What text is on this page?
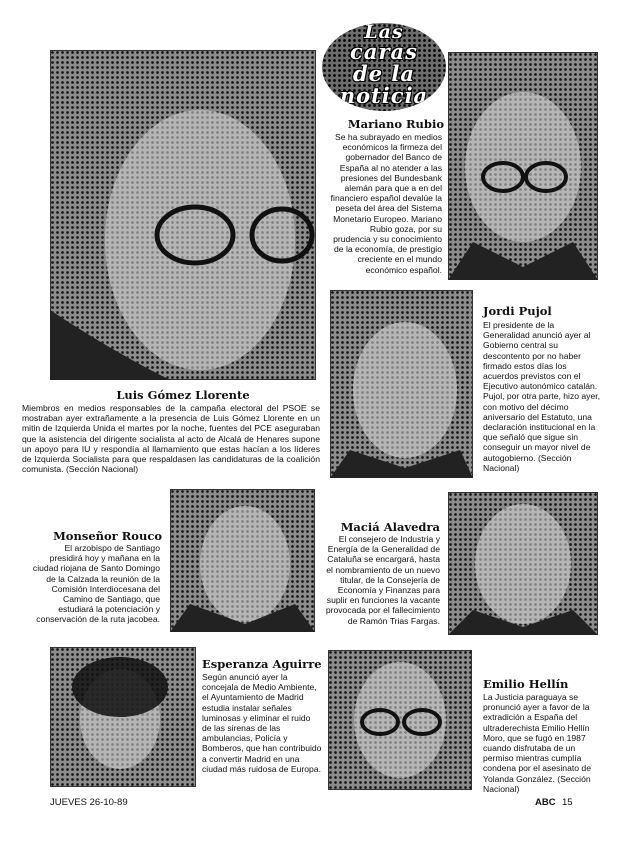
Las
caras
de la
noticia
Luis Gómez Llorente
Miembros en medios responsables de la campaña electoral del PSOE se mostraban ayer extrañamente a la presencia de Luis Gómez Llorente en un mitin de Izquierda Unida el martes por la noche, fuentes del PCE aseguraban que la asistencia del dirigente socialista al acto de Alcalá de Henares supone un apoyo para IU y respondía al llamamiento que estas hacían a los líderes de Izquierda Socialista para que respaldasen las candidaturas de la coalición comunista. (Sección Nacional)
Mariano Rubio
Se ha subrayado en medios económicos la firmeza del gobernador del Banco de España al no atender a las presiones del Bundesbank alemán para que a en del financiero español devalúe la peseta del área del Sistema Monetario Europeo. Mariano Rubio goza, por su prudencia y su conocimiento de la economía, de prestigio creciente en el mundo económico español.
Jordi Pujol
El presidente de la Generalidad anunció ayer al Gobierno central su descontento por no haber firmado estos días los acuerdos previstos con el Ejecutivo autonómico catalán. Pujol, por otra parte, hizo ayer, con motivo del décimo aniversario del Estatuto, una declaración institucional en la que señaló que sigue sin conseguir un mayor nivel de autogobierno. (Sección Nacional)
Monseñor Rouco
El arzobispo de Santiago presidirá hoy y mañana en la ciudad riojana de Santo Domingo de la Calzada la reunión de la Comisión Interdiocesana del Camino de Santiago, que estudiará la potenciación y conservación de la ruta jacobea.
Maciá Alavedra
El consejero de Industria y Energía de la Generalidad de Cataluña se encargará, hasta el nombramiento de un nuevo titular, de la Consejería de Economía y Finanzas para suplir en funciones la vacante provocada por el fallecimiento de Ramón Trias Fargas.
Esperanza Aguirre
Según anunció ayer la concejala de Medio Ambiente, el Ayuntamiento de Madrid estudia instalar señales luminosas y eliminar el ruido de las sirenas de las ambulancias, Policía y Bomberos, que han contribuido a convertir Madrid en una ciudad más ruidosa de Europa.
Emilio Hellín
La Justicia paraguaya se pronunció ayer a favor de la extradición a España del ultraderechista Emilio Hellín Moro, que se fugó en 1987 cuando disfrutaba de un permiso mientras cumplía condena por el asesinato de Yolanda González. (Sección Nacional)
JUEVES 26-10-89	ABC 15
